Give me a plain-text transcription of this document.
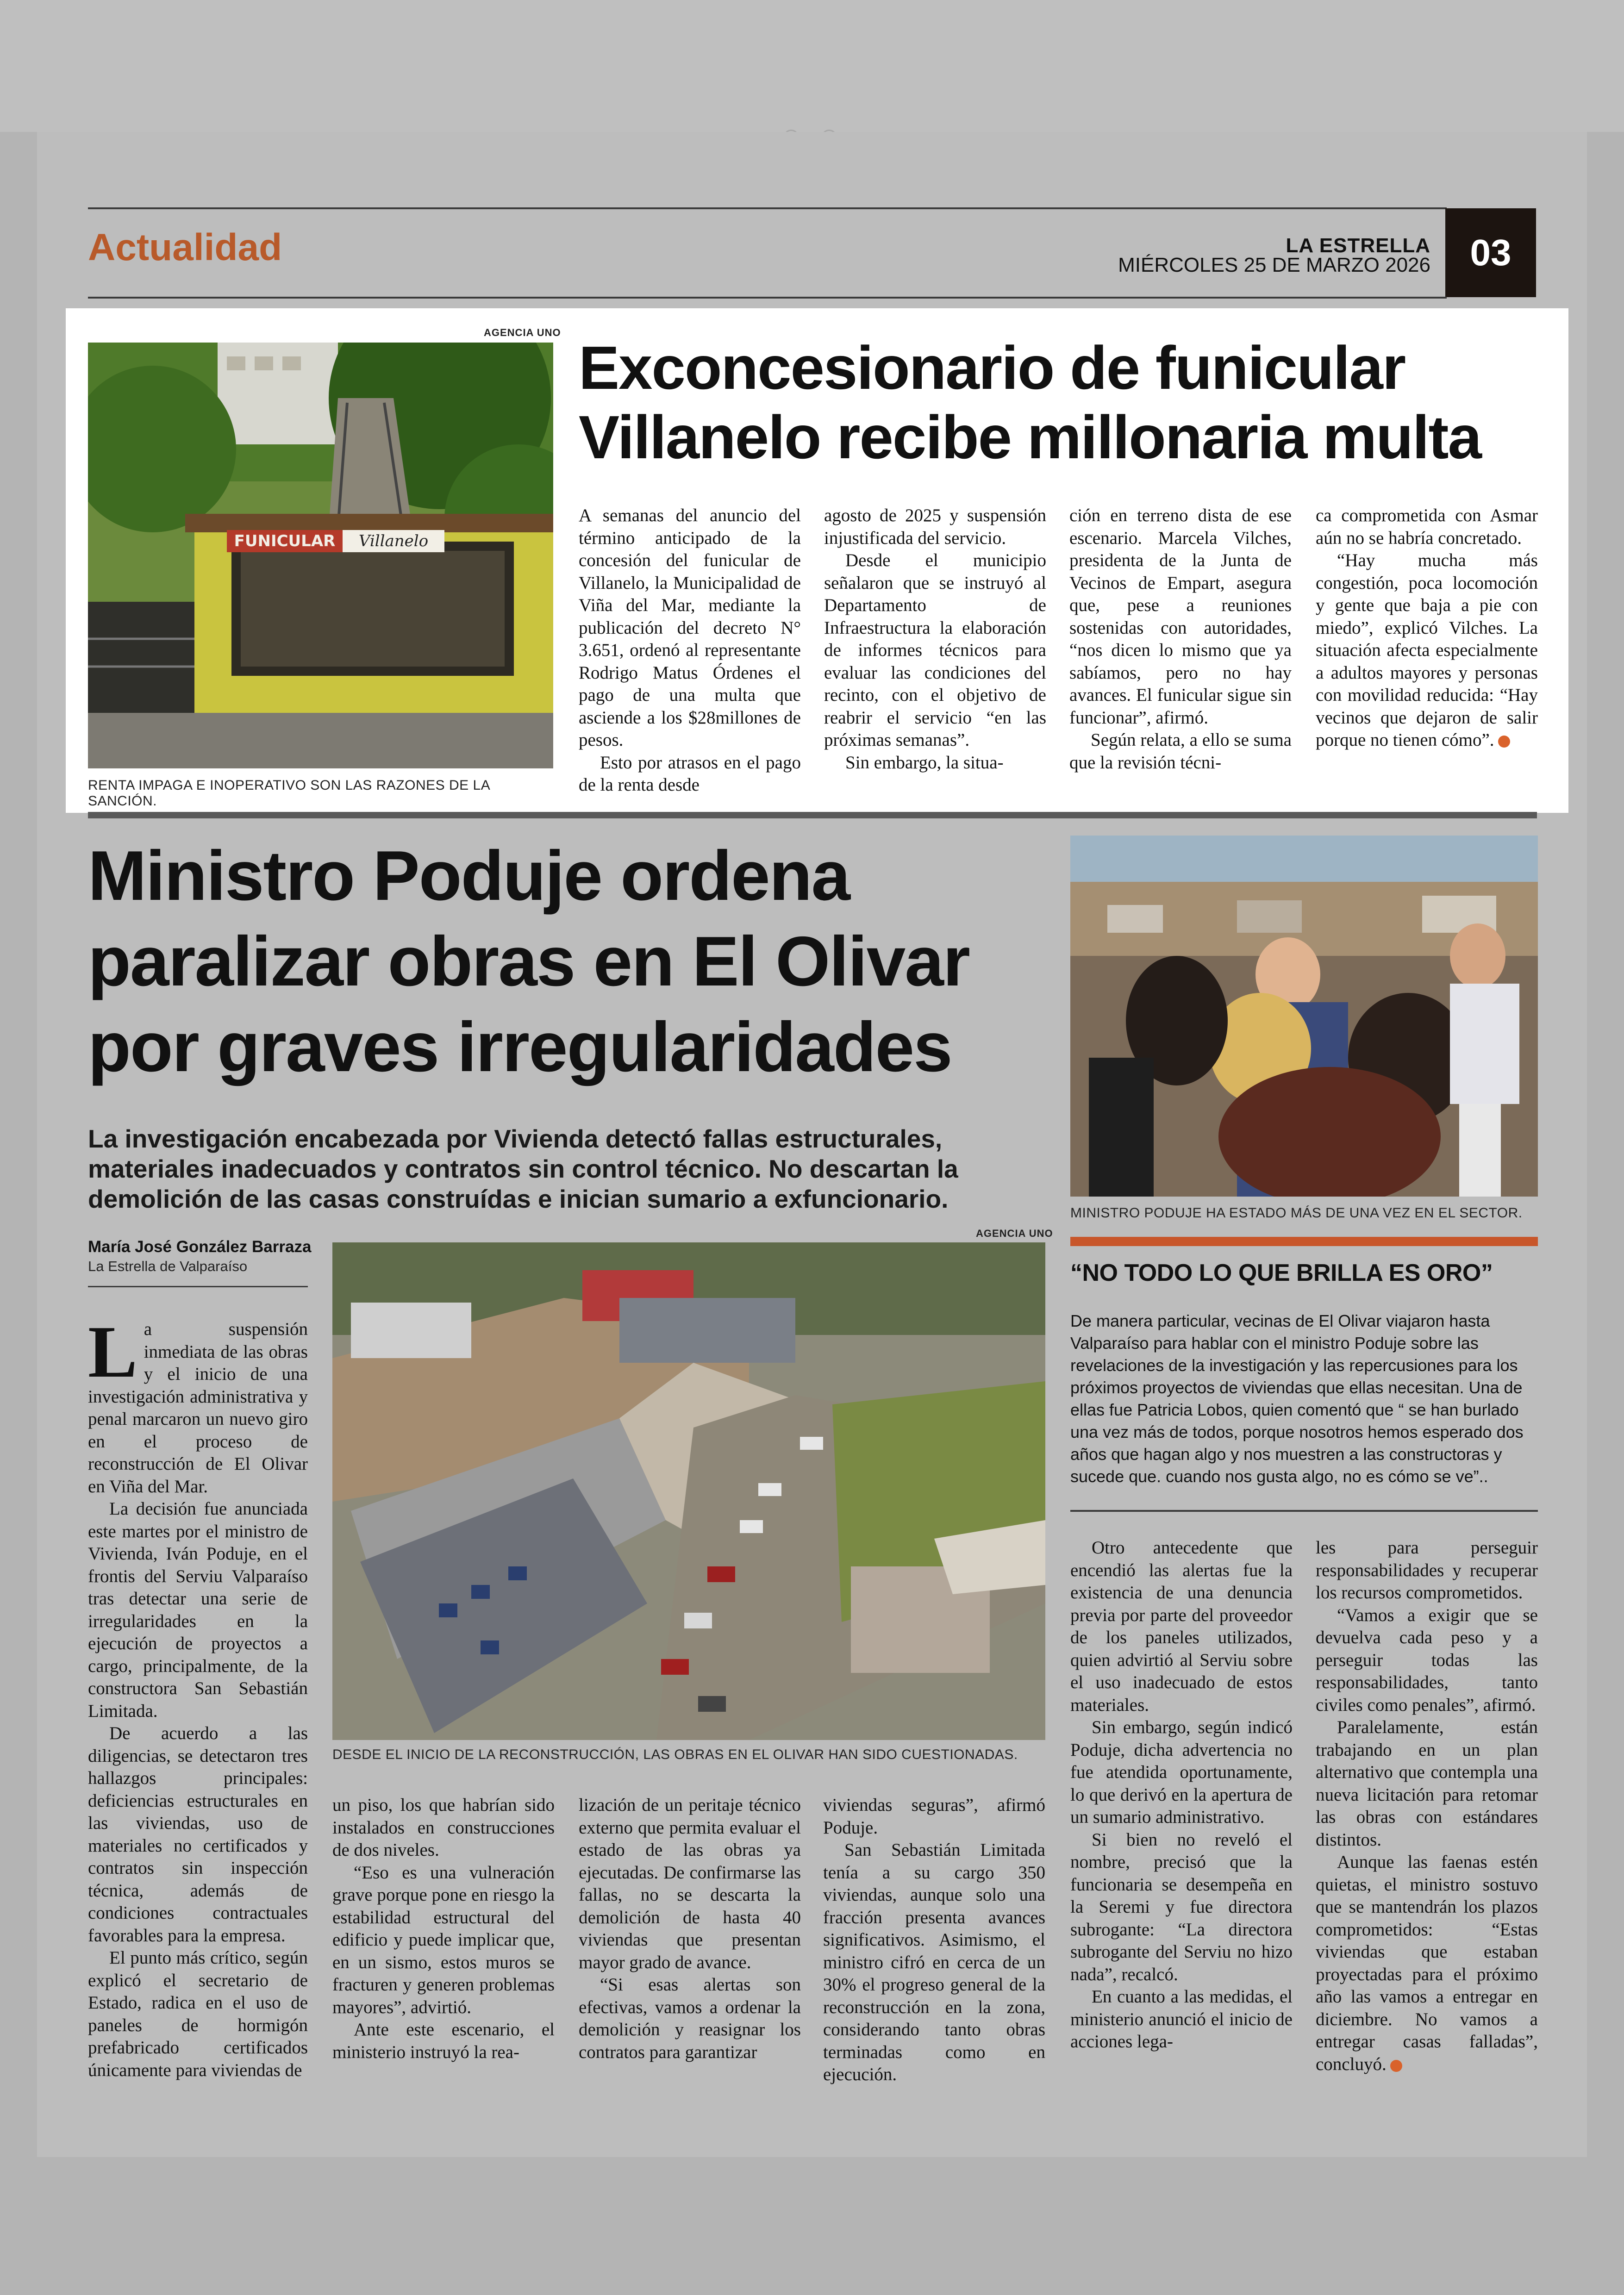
Actualidad	LA ESTRELLA
MIÉRCOLES 25 DE MARZO 2026	03
AGENCIA UNO
FUNICULAR Villanelo
RENTA IMPAGA E INOPERATIVO SON LAS RAZONES DE LA SANCIÓN.
Exconcesionario de funicular
Villanelo recibe millonaria multa

A semanas del anuncio del término anticipado de la concesión del funicular de Villanelo, la Municipalidad de Viña del Mar, mediante la publicación del decreto N° 3.651, ordenó al representante Rodrigo Matus Órdenes el pago de una multa que asciende a los $28millones de pesos.

Esto por atrasos en el pago de la renta desde

agosto de 2025 y suspensión injustificada del servicio.

Desde el municipio señalaron que se instruyó al Departamento de Infraestructura la elaboración de informes técnicos para evaluar las condiciones del recinto, con el objetivo de reabrir el servicio “en las próximas semanas”.

Sin embargo, la situa-

ción en terreno dista de ese escenario. Marcela Vilches, presidenta de la Junta de Vecinos de Empart, asegura que, pese a reuniones sostenidas con autoridades, “nos dicen lo mismo que ya sabíamos, pero no hay avances. El funicular sigue sin funcionar”, afirmó.

Según relata, a ello se suma que la revisión técni-

ca comprometida con Asmar aún no se habría concretado.

“Hay mucha más congestión, poca locomoción y gente que baja a pie con miedo”, explicó Vilches. La situación afecta especialmente a adultos mayores y personas con movilidad reducida: “Hay vecinos que dejaron de salir porque no tienen cómo”.

Ministro Poduje ordena
paralizar obras en El Olivar
por graves irregularidades
La investigación encabezada por Vivienda detectó fallas estructurales, materiales inadecuados y contratos sin control técnico. No descartan la demolición de las casas construídas e inician sumario a exfuncionario.	MINISTRO PODUJE HA ESTADO MÁS DE UNA VEZ EN EL SECTOR.
“NO TODO LO QUE BRILLA ES ORO”
De manera particular, vecinas de El Olivar viajaron hasta Valparaíso para hablar con el ministro Poduje sobre las revelaciones de la investigación y las repercusiones para los próximos proyectos de viviendas que ellas necesitan. Una de ellas fue Patricia Lobos, quien comentó que “ se han burlado una vez más de todos, porque nosotros hemos esperado dos años que hagan algo y nos muestren a las constructoras y sucede que. cuando nos gusta algo, no es cómo se ve”..
María José González Barraza
La Estrella de Valparaíso
AGENCIA UNO
DESDE EL INICIO DE LA RECONSTRUCCIÓN, LAS OBRAS EN EL OLIVAR HAN SIDO CUESTIONADAS.

La suspensión inmediata de las obras y el inicio de una investigación administrativa y penal marcaron un nuevo giro en el proceso de reconstrucción de El Olivar en Viña del Mar.

La decisión fue anunciada este martes por el ministro de Vivienda, Iván Poduje, en el frontis del Serviu Valparaíso tras detectar una serie de irregularidades en la ejecución de proyectos a cargo, principalmente, de la constructora San Sebastián Limitada.

De acuerdo a las diligencias, se detectaron tres hallazgos principales: deficiencias estructurales en las viviendas, uso de materiales no certificados y contratos sin inspección técnica, además de condiciones contractuales favorables para la empresa.

El punto más crítico, según explicó el secretario de Estado, radica en el uso de paneles de hormigón prefabricado certificados únicamente para viviendas de

un piso, los que habrían sido instalados en construcciones de dos niveles.

“Eso es una vulneración grave porque pone en riesgo la estabilidad estructural del edificio y puede implicar que, en un sismo, estos muros se fracturen y generen problemas mayores”, advirtió.

Ante este escenario, el ministerio instruyó la rea-

lización de un peritaje técnico externo que permita evaluar el estado de las obras ya ejecutadas. De confirmarse las fallas, no se descarta la demolición de hasta 40 viviendas que presentan mayor grado de avance.

“Si esas alertas son efectivas, vamos a ordenar la demolición y reasignar los contratos para garantizar

viviendas seguras”, afirmó Poduje.

San Sebastián Limitada tenía a su cargo 350 viviendas, aunque solo una fracción presenta avances significativos. Asimismo, el ministro cifró en cerca de un 30% el progreso general de la reconstrucción en la zona, considerando tanto obras terminadas como en ejecución.

Otro antecedente que encendió las alertas fue la existencia de una denuncia previa por parte del proveedor de los paneles utilizados, quien advirtió al Serviu sobre el uso inadecuado de estos materiales.

Sin embargo, según indicó Poduje, dicha advertencia no fue atendida oportunamente, lo que derivó en la apertura de un sumario administrativo.

Si bien no reveló el nombre, precisó que la funcionaria se desempeña en la Seremi y fue directora subrogante: “La directora subrogante del Serviu no hizo nada”, recalcó.

En cuanto a las medidas, el ministerio anunció el inicio de acciones lega-

les para perseguir responsabilidades y recuperar los recursos comprometidos.

“Vamos a exigir que se devuelva cada peso y a perseguir todas las responsabilidades, tanto civiles como penales”, afirmó.

Paralelamente, están trabajando en un plan alternativo que contempla una nueva licitación para retomar las obras con estándares distintos.

Aunque las faenas estén quietas, el ministro sostuvo que se mantendrán los plazos comprometidos: “Estas viviendas que estaban proyectadas para el próximo año las vamos a entregar en diciembre. No vamos a entregar casas falladas”, concluyó.
